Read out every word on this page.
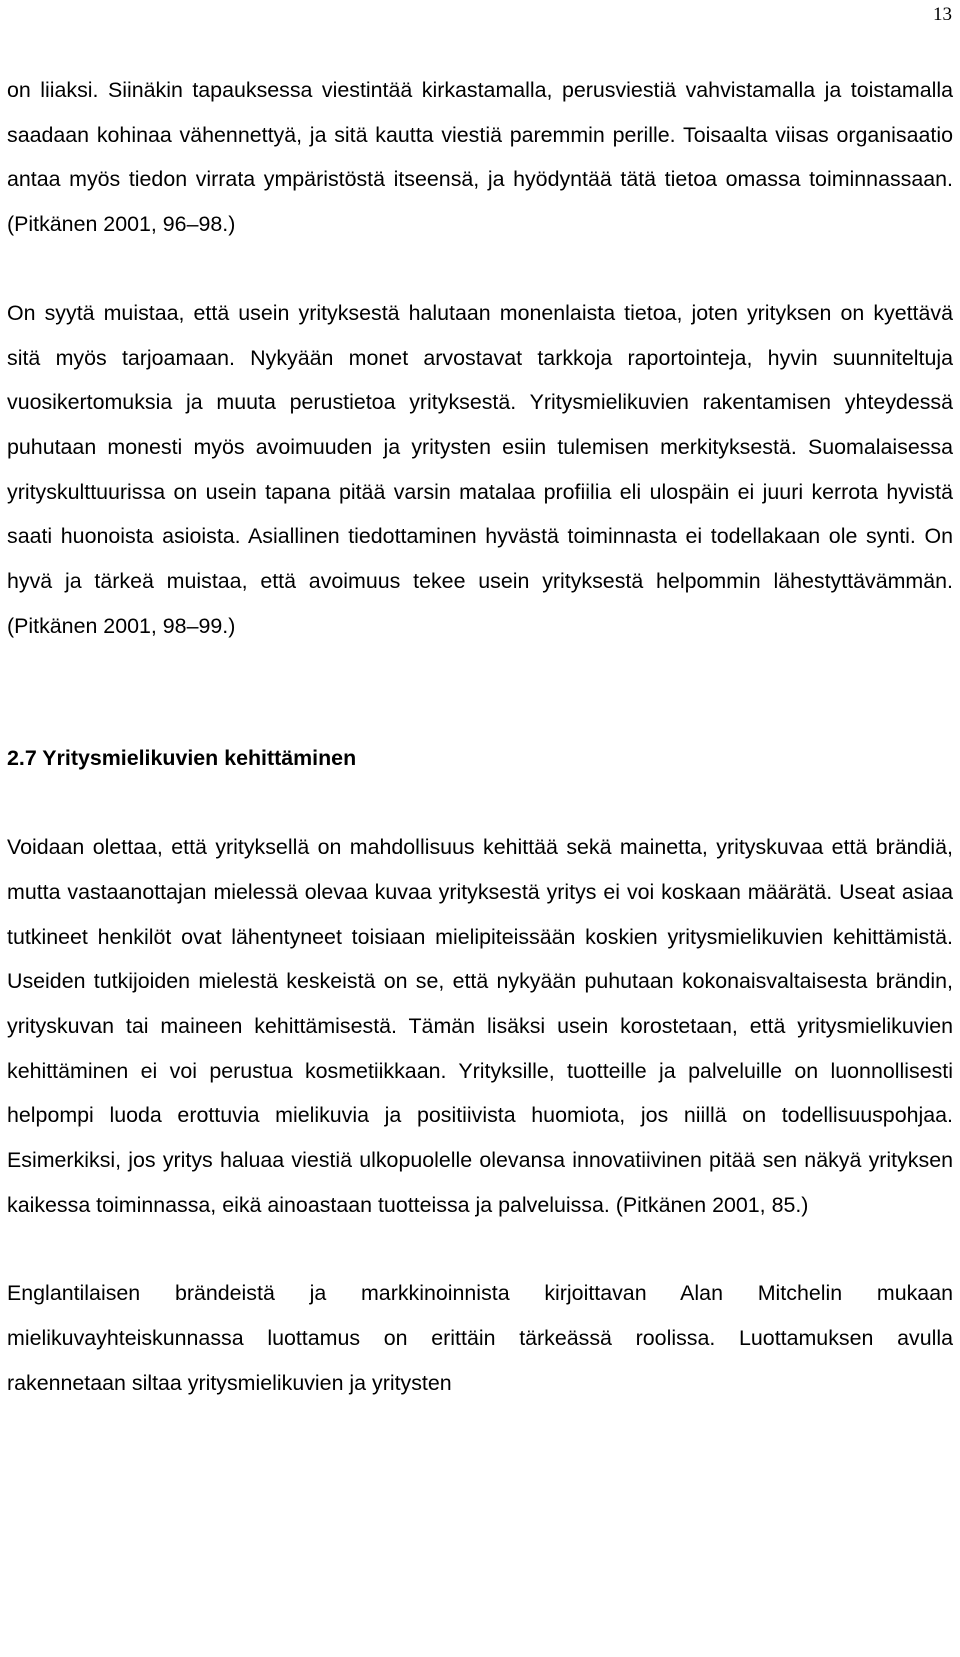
13

on liiaksi. Siinäkin tapauksessa viestintää kirkastamalla, perusviestiä vahvistamalla ja toistamalla saadaan kohinaa vähennettyä, ja sitä kautta viestiä paremmin perille. Toisaalta viisas organisaatio antaa myös tiedon virrata ympäristöstä itseensä, ja hyödyntää tätä tietoa omassa toiminnassaan. (Pitkänen 2001, 96–98.)

On syytä muistaa, että usein yrityksestä halutaan monenlaista tietoa, joten yrityksen on kyettävä sitä myös tarjoamaan. Nykyään monet arvostavat tarkkoja raportointeja, hyvin suunniteltuja vuosikertomuksia ja muuta perustietoa yrityksestä. Yritysmielikuvien rakentamisen yhteydessä puhutaan monesti myös avoimuuden ja yritysten esiin tulemisen merkityksestä. Suomalaisessa yrityskulttuurissa on usein tapana pitää varsin matalaa profiilia eli ulospäin ei juuri kerrota hyvistä saati huonoista asioista. Asiallinen tiedottaminen hyvästä toiminnasta ei todellakaan ole synti. On hyvä ja tärkeä muistaa, että avoimuus tekee usein yrityksestä helpommin lähestyttävämmän. (Pitkänen 2001, 98–99.)

2.7 Yritysmielikuvien kehittäminen

Voidaan olettaa, että yrityksellä on mahdollisuus kehittää sekä mainetta, yrityskuvaa että brändiä, mutta vastaanottajan mielessä olevaa kuvaa yrityksestä yritys ei voi koskaan määrätä. Useat asiaa tutkineet henkilöt ovat lähentyneet toisiaan mielipiteissään koskien yritysmielikuvien kehittämistä. Useiden tutkijoiden mielestä keskeistä on se, että nykyään puhutaan kokonaisvaltaisesta brändin, yrityskuvan tai maineen kehittämisestä. Tämän lisäksi usein korostetaan, että yritysmielikuvien kehittäminen ei voi perustua kosmetiikkaan. Yrityksille, tuotteille ja palveluille on luonnollisesti helpompi luoda erottuvia mielikuvia ja positiivista huomiota, jos niillä on todellisuuspohjaa. Esimerkiksi, jos yritys haluaa viestiä ulkopuolelle olevansa innovatiivinen pitää sen näkyä yrityksen kaikessa toiminnassa, eikä ainoastaan tuotteissa ja palveluissa. (Pitkänen 2001, 85.)

Englantilaisen brändeistä ja markkinoinnista kirjoittavan Alan Mitchelin mukaan mielikuvayhteiskunnassa luottamus on erittäin tärkeässä roolissa. Luottamuksen avulla rakennetaan siltaa yritysmielikuvien ja yritysten
